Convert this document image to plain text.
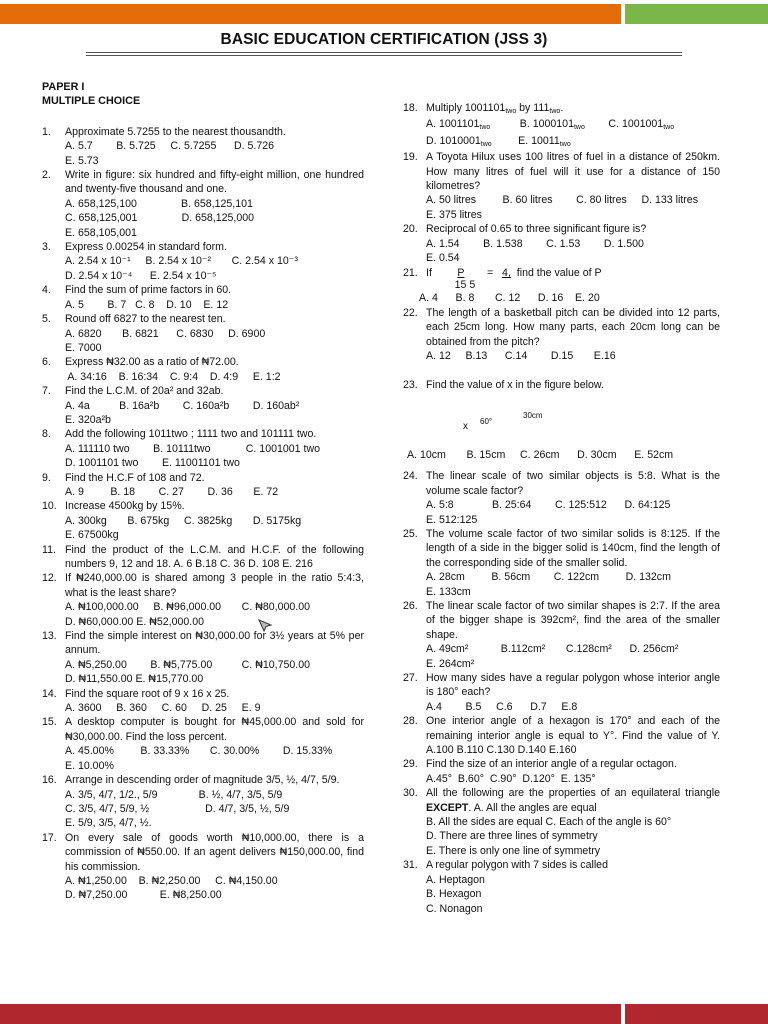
BASIC EDUCATION CERTIFICATION (JSS 3)
PAPER I
MULTIPLE CHOICE
1.	Approximate 5.7255 to the nearest thousandth.
A. 5.7        B. 5.725     C. 5.7255      D. 5.726
E. 5.73
2.	Write in figure: six hundred and fifty-eight million, one hundred and twenty-five thousand and one.
A. 658,125,100               B. 658,125,101
C. 658,125,001               D. 658,125,000
E. 658,105,001
3.	Express 0.00254 in standard form.
A. 2.54 x 10⁻¹     B. 2.54 x 10⁻²       C. 2.54 x 10⁻³
D. 2.54 x 10⁻⁴      E. 2.54 x 10⁻⁵
4.	Find the sum of prime factors in 60.
A. 5        B. 7   C. 8    D. 10    E. 12
5.	Round off 6827 to the nearest ten.
A. 6820       B. 6821      C. 6830     D. 6900
E. 7000
6.	Express ₦32.00 as a ratio of ₦72.00.
A. 34:16    B. 16:34    C. 9:4    D. 4:9     E. 1:2
7.	Find the L.C.M. of 20a² and 32ab.
A. 4a          B. 16a²b        C. 160a²b        D. 160ab²
E. 320a²b
8.	Add the following 1011two ; 1111 two and 101111 two.
A. 111110 two        B. 10111two            C. 1001001 two
D. 1001101 two        E. 11001101 two
9.	Find the H.C.F of 108 and 72.
A. 9         B. 18        C. 27        D. 36       E. 72
10. Increase 4500kg by 15%.
A. 300kg       B. 675kg     C. 3825kg       D. 5175kg
E. 67500kg
11. Find the product of the L.C.M. and H.C.F. of the following numbers 9, 12 and 18. A. 6 B.18 C. 36 D. 108 E. 216
12. If ₦240,000.00 is shared among 3 people in the ratio 5:4:3, what is the least share?
A. ₦100,000.00     B. ₦96,000.00       C. ₦80,000.00
D. ₦60,000.00 E. ₦52,000.00
13. Find the simple interest on ₦30,000.00 for 3½ years at 5% per annum.
A. ₦5,250.00        B. ₦5,775.00          C. ₦10,750.00
D. ₦11,550.00 E. ₦15,770.00
14. Find the square root of 9 x 16 x 25.
A. 3600     B. 360     C. 60     D. 25     E. 9
15. A desktop computer is bought for ₦45,000.00 and sold for ₦30,000.00. Find the loss percent.
A. 45.00%         B. 33.33%       C. 30.00%        D. 15.33%
E. 10.00%
16. Arrange in descending order of magnitude 3/5, ½, 4/7, 5/9.
A. 3/5, 4/7, 1/2., 5/9              B. ½, 4/7, 3/5, 5/9
C. 3/5, 4/7, 5/9, ½                   D. 4/7, 3/5, ½, 5/9
E. 5/9, 3/5, 4/7, ½.
17. On every sale of goods worth ₦10,000.00, there is a commission of ₦550.00. If an agent delivers ₦150,000.00, find his commission.
A. ₦1,250.00    B. ₦2,250.00     C. ₦4,150.00
D. ₦7,250.00           E. ₦8,250.00
18. Multiply 1001101two by 111two.
A. 1001101two          B. 1000101two        C. 1001001two
D. 1010001two         E. 10011two
19. A Toyota Hilux uses 100 litres of fuel in a distance of 250km. How many litres of fuel will it use for a distance of 150 kilometres?
A. 50 litres         B. 60 litres        C. 80 litres     D. 133 litres
E. 375 litres
20. Reciprocal of 0.65 to three significant figure is?
A. 1.54        B. 1.538        C. 1.53        D. 1.500
E. 0.54
21. If $\frac{P}{15 5} = 4$, find the value of P
A. 4      B. 8       C. 12      D. 16    E. 20
22. The length of a basketball pitch can be divided into 12 parts, each 25cm long. How many parts, each 20cm long can be obtained from the pitch?
A. 12     B.13      C.14        D.15       E.16
23. Find the value of x in the figure below.
30cm
60°
x
A. 10cm       B. 15cm     C. 26cm      D. 30cm      E. 52cm
24. The linear scale of two similar objects is 5:8. What is the volume scale factor?
A. 5:8             B. 25:64        C. 125:512      D. 64:125
E. 512:125
25. The volume scale factor of two similar solids is 8:125. If the length of a side in the bigger solid is 140cm, find the length of the corresponding side of the smaller solid.
A. 28cm         B. 56cm        C. 122cm         D. 132cm
E. 133cm
26. The linear scale factor of two similar shapes is 2:7. If the area of the bigger shape is 392cm², find the area of the smaller shape.
A. 49cm²           B.112cm²       C.128cm²      D. 256cm²
E. 264cm²
27. How many sides have a regular polygon whose interior angle is 180° each?
A.4        B.5     C.6      D.7     E.8
28. One interior angle of a hexagon is 170° and each of the remaining interior angle is equal to Y°. Find the value of Y. A.100 B.110 C.130 D.140 E.160
29. Find the size of an interior angle of a regular octagon.
A.45°  B.60°  C.90°  D.120°  E. 135°
30. All the following are the properties of an equilateral triangle EXCEPT. A. All the angles are equal
B. All the sides are equal C. Each of the angle is 60°
D. There are three lines of symmetry
E. There is only one line of symmetry
31. A regular polygon with 7 sides is called
A. Heptagon
B. Hexagon
C. Nonagon
